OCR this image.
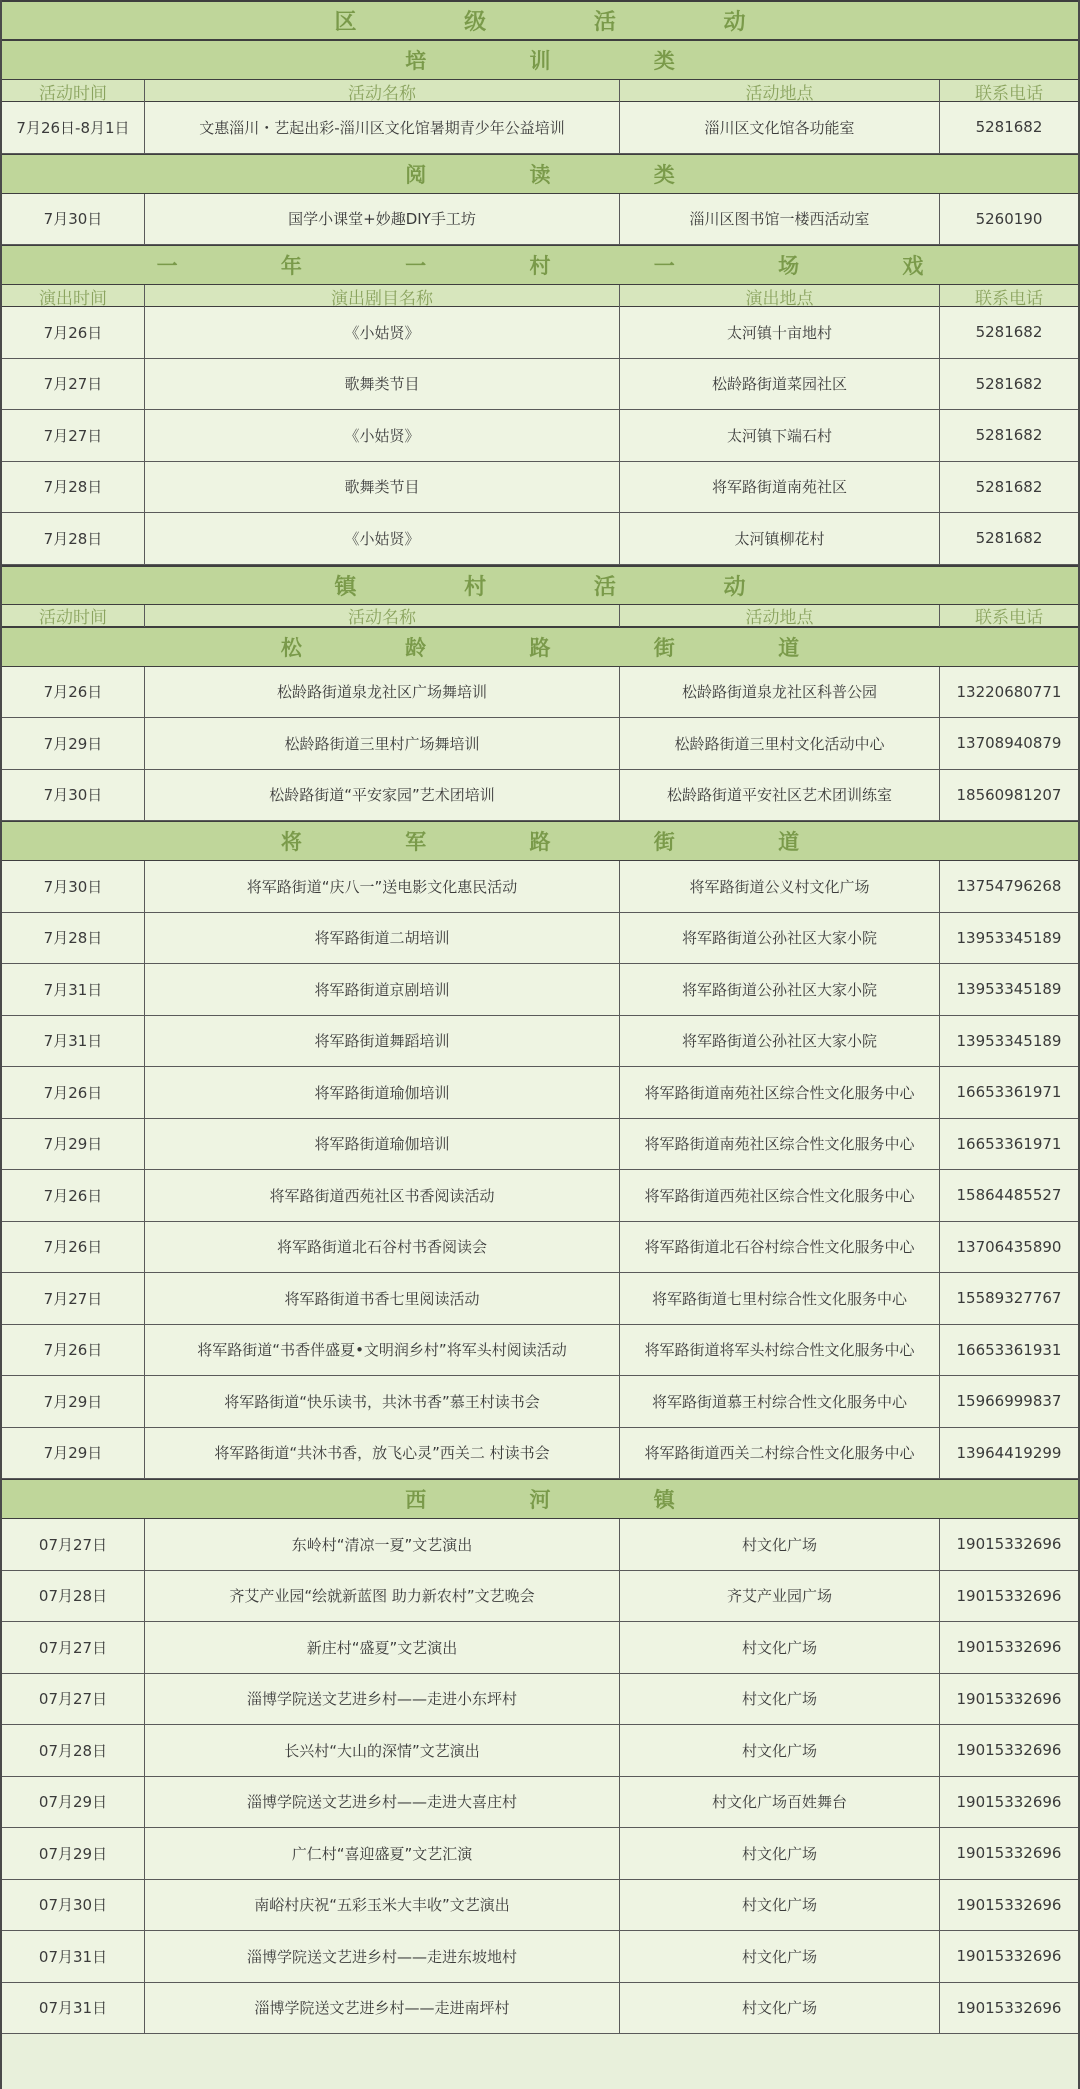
区 级 活 动
培 训 类
活动时间	活动名称	活动地点	联系电话
7月26日-8月1日	文惠淄川・艺起出彩-淄川区文化馆暑期青少年公益培训	淄川区文化馆各功能室	5281682
阅 读 类
7月30日	国学小课堂+妙趣DIY手工坊	淄川区图书馆一楼西活动室	5260190
一 年 一 村 一 场 戏
演出时间	演出剧目名称	演出地点	联系电话
7月26日	《小姑贤》	太河镇十亩地村	5281682
7月27日	歌舞类节目	松龄路街道菜园社区	5281682
7月27日	《小姑贤》	太河镇下端石村	5281682
7月28日	歌舞类节目	将军路街道南苑社区	5281682
7月28日	《小姑贤》	太河镇柳花村	5281682
镇 村 活 动
活动时间	活动名称	活动地点	联系电话
松 龄 路 街 道
7月26日	松龄路街道泉龙社区广场舞培训	松龄路街道泉龙社区科普公园	13220680771
7月29日	松龄路街道三里村广场舞培训	松龄路街道三里村文化活动中心	13708940879
7月30日	松龄路街道“平安家园”艺术团培训	松龄路街道平安社区艺术团训练室	18560981207
将 军 路 街 道
7月30日	将军路街道“庆八一”送电影文化惠民活动	将军路街道公义村文化广场	13754796268
7月28日	将军路街道二胡培训	将军路街道公孙社区大家小院	13953345189
7月31日	将军路街道京剧培训	将军路街道公孙社区大家小院	13953345189
7月31日	将军路街道舞蹈培训	将军路街道公孙社区大家小院	13953345189
7月26日	将军路街道瑜伽培训	将军路街道南苑社区综合性文化服务中心	16653361971
7月29日	将军路街道瑜伽培训	将军路街道南苑社区综合性文化服务中心	16653361971
7月26日	将军路街道西苑社区书香阅读活动	将军路街道西苑社区综合性文化服务中心	15864485527
7月26日	将军路街道北石谷村书香阅读会	将军路街道北石谷村综合性文化服务中心	13706435890
7月27日	将军路街道书香七里阅读活动	将军路街道七里村综合性文化服务中心	15589327767
7月26日	将军路街道“书香伴盛夏•文明润乡村”将军头村阅读活动	将军路街道将军头村综合性文化服务中心	16653361931
7月29日	将军路街道“快乐读书，共沐书香”慕王村读书会	将军路街道慕王村综合性文化服务中心	15966999837
7月29日	将军路街道“共沐书香，放飞心灵”西关二 村读书会	将军路街道西关二村综合性文化服务中心	13964419299
西 河 镇
07月27日	东岭村“清凉一夏”文艺演出	村文化广场	19015332696
07月28日	齐艾产业园“绘就新蓝图 助力新农村”文艺晚会	齐艾产业园广场	19015332696
07月27日	新庄村“盛夏”文艺演出	村文化广场	19015332696
07月27日	淄博学院送文艺进乡村——走进小东坪村	村文化广场	19015332696
07月28日	长兴村“大山的深情”文艺演出	村文化广场	19015332696
07月29日	淄博学院送文艺进乡村——走进大喜庄村	村文化广场百姓舞台	19015332696
07月29日	广仁村“喜迎盛夏”文艺汇演	村文化广场	19015332696
07月30日	南峪村庆祝“五彩玉米大丰收”文艺演出	村文化广场	19015332696
07月31日	淄博学院送文艺进乡村——走进东坡地村	村文化广场	19015332696
07月31日	淄博学院送文艺进乡村——走进南坪村	村文化广场	19015332696
